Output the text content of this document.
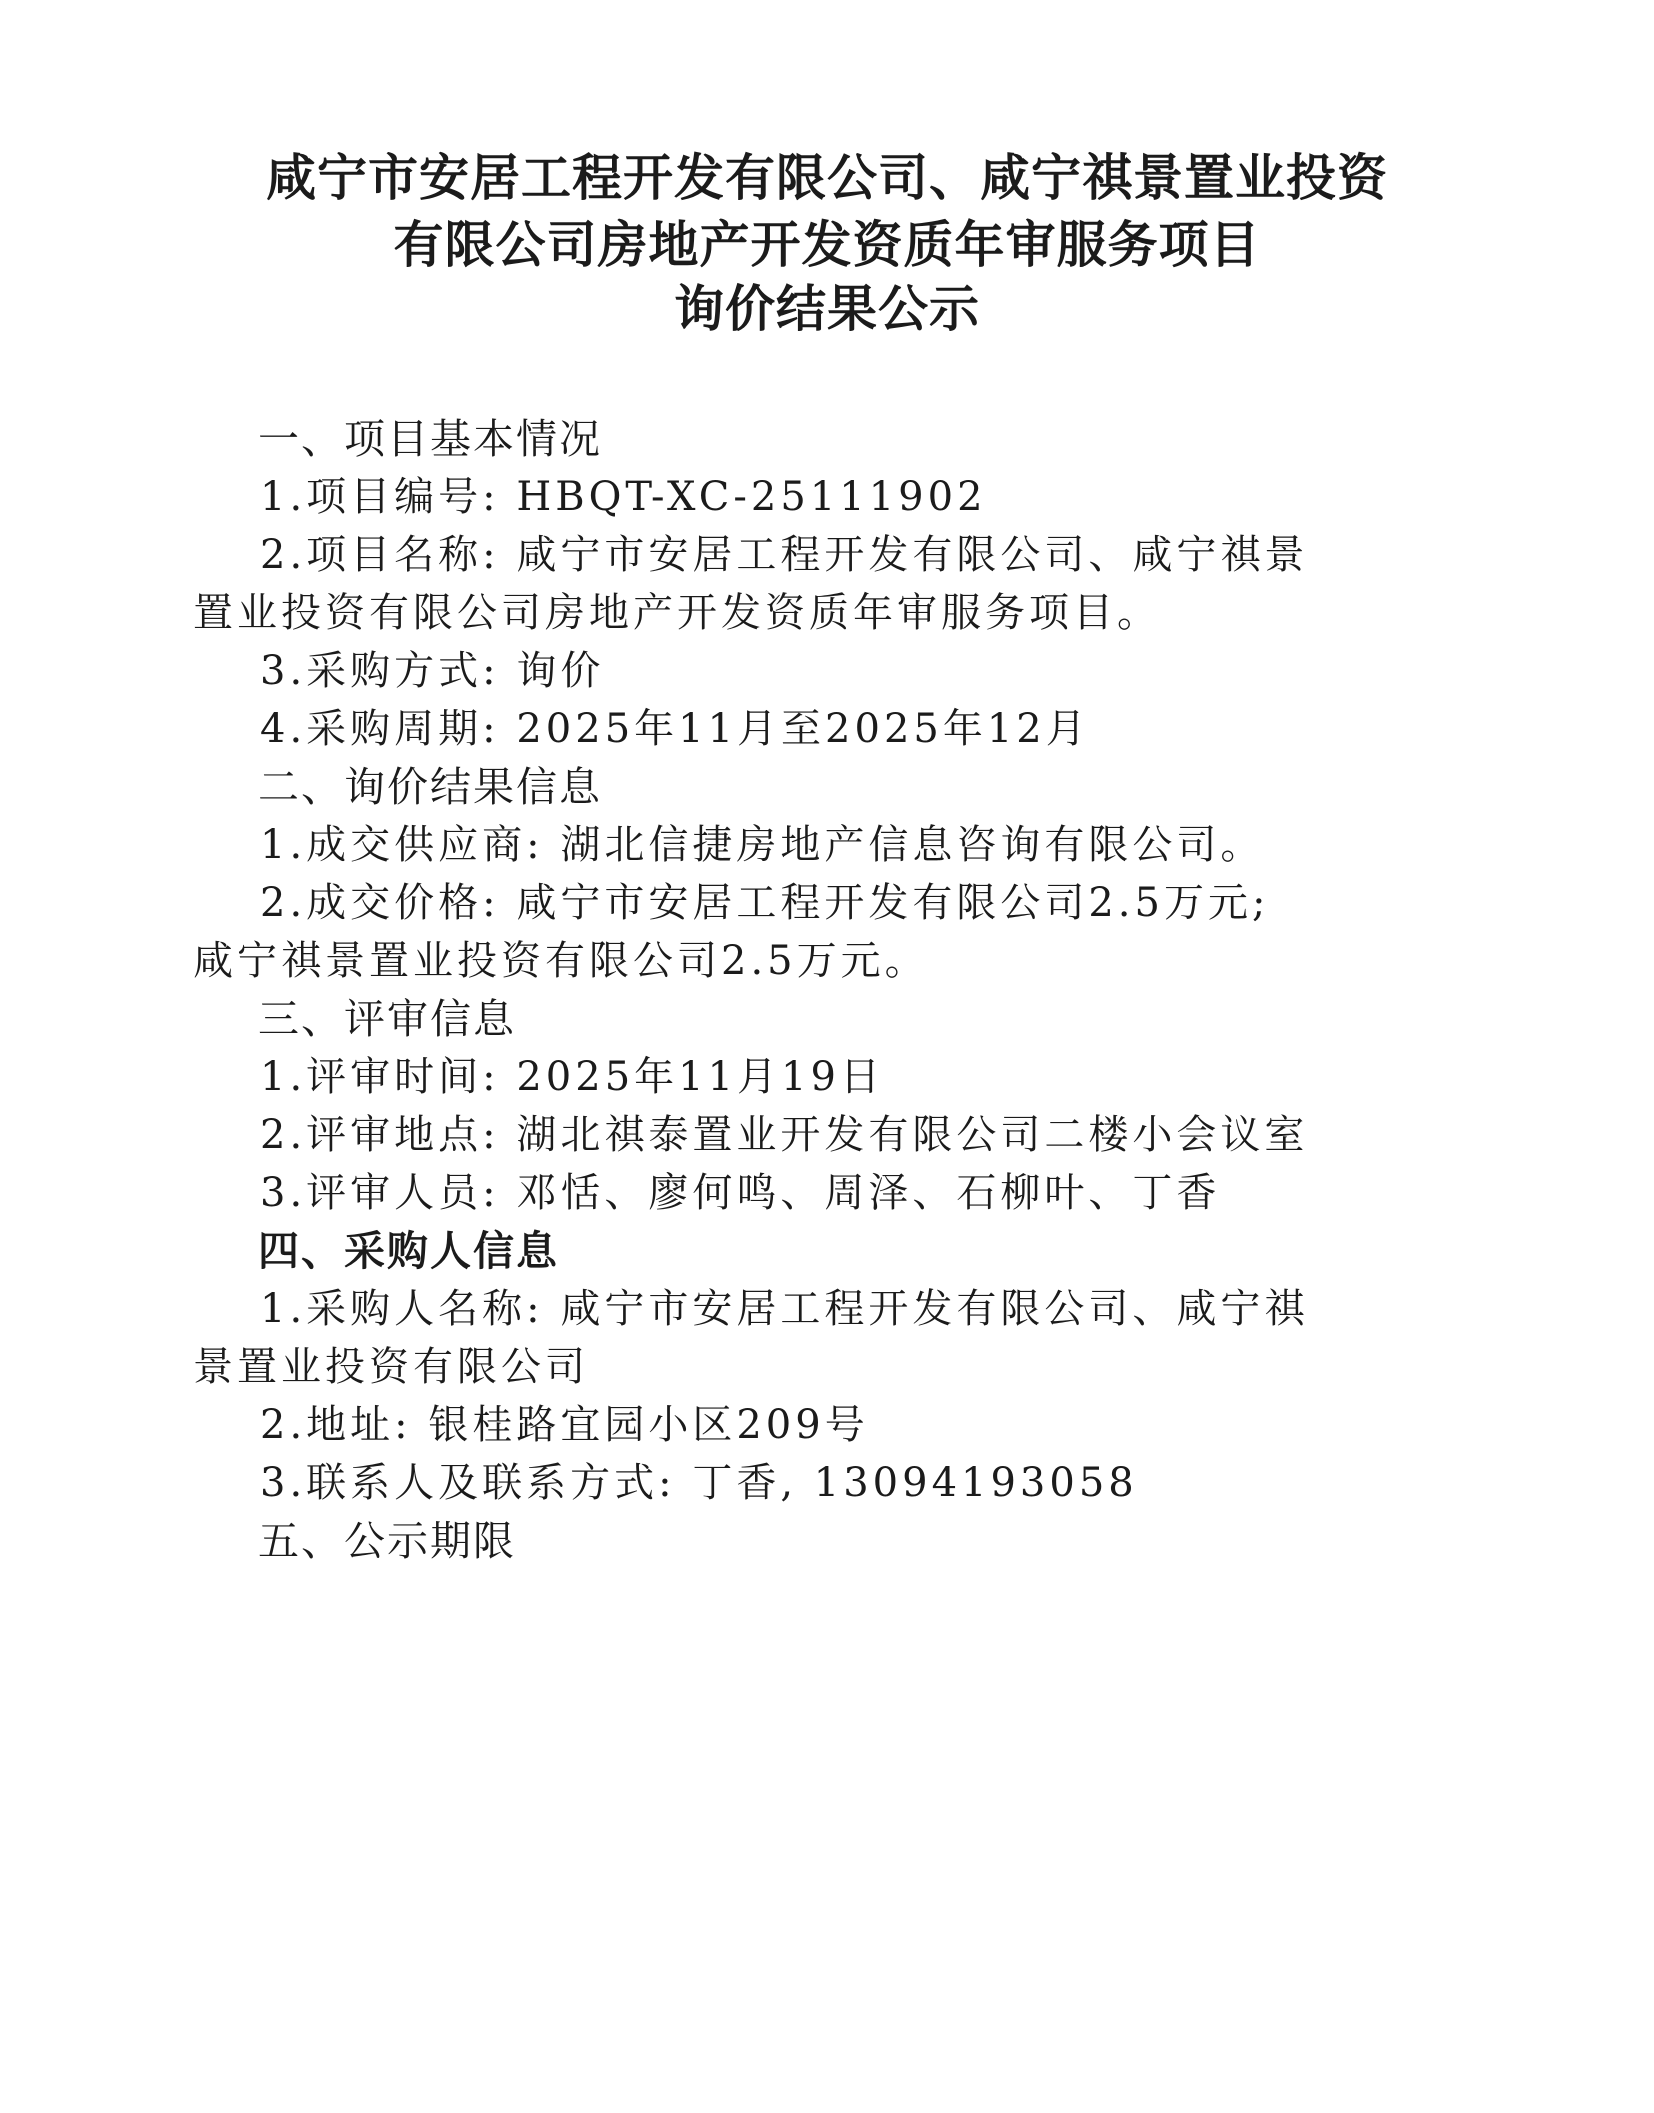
咸宁市安居工程开发有限公司、咸宁祺景置业投资
有限公司房地产开发资质年审服务项目
询价结果公示
一、项目基本情况
1.项目编号: HBQT-XC-25111902
2.项目名称: 咸宁市安居工程开发有限公司、咸宁祺景
置业投资有限公司房地产开发资质年审服务项目。
3.采购方式: 询价
4.采购周期: 2025年11月至2025年12月
二、询价结果信息
1.成交供应商: 湖北信捷房地产信息咨询有限公司。
2.成交价格: 咸宁市安居工程开发有限公司2.5万元;
咸宁祺景置业投资有限公司2.5万元。
三、评审信息
1.评审时间: 2025年11月19日
2.评审地点: 湖北祺泰置业开发有限公司二楼小会议室
3.评审人员: 邓恬、廖何鸣、周泽、石柳叶、丁香
四、采购人信息
1.采购人名称: 咸宁市安居工程开发有限公司、咸宁祺
景置业投资有限公司
2.地址: 银桂路宜园小区209号
3.联系人及联系方式: 丁香, 13094193058
五、公示期限
